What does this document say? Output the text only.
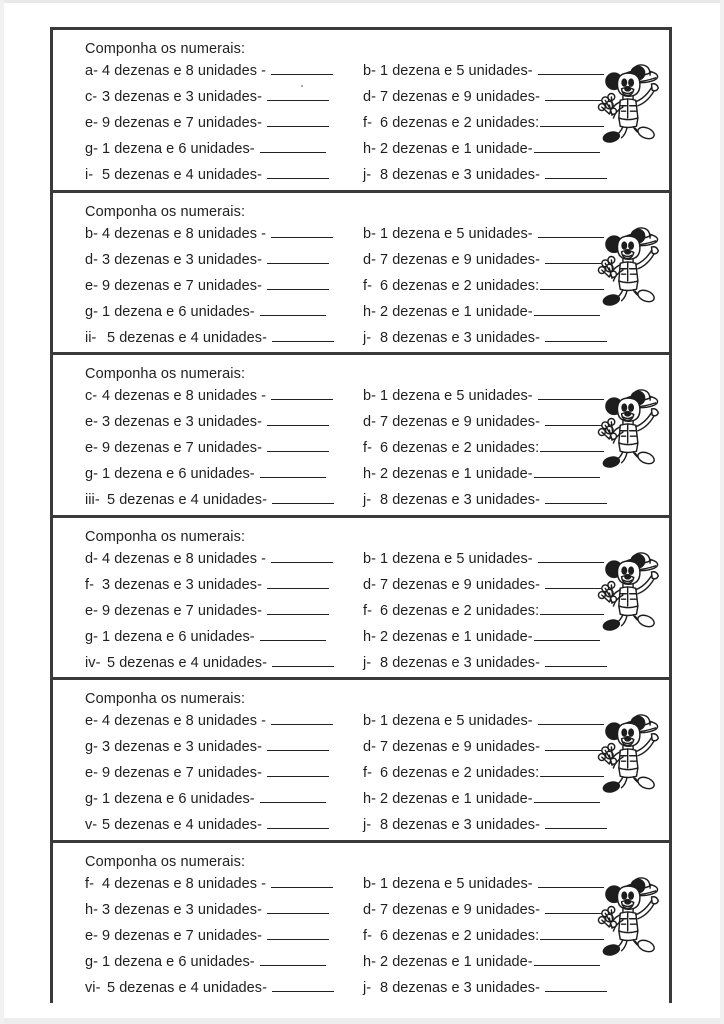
Componha os numerais:
a- 4 dezenas e 8 unidades -
c- 3 dezenas e 3 unidades-
e- 9 dezenas e 7 unidades-
g- 1 dezena e 6 unidades-
i- 5 dezenas e 4 unidades-
b- 1 dezena e 5 unidades-
d- 7 dezenas e 9 unidades-
f- 6 dezenas e 2 unidades:
h- 2 dezenas e 1 unidade-
j- 8 dezenas e 3 unidades-
Componha os numerais:
b- 4 dezenas e 8 unidades -
d- 3 dezenas e 3 unidades-
e- 9 dezenas e 7 unidades-
g- 1 dezena e 6 unidades-
ii- 5 dezenas e 4 unidades-
b- 1 dezena e 5 unidades-
d- 7 dezenas e 9 unidades-
f- 6 dezenas e 2 unidades:
h- 2 dezenas e 1 unidade-
j- 8 dezenas e 3 unidades-
Componha os numerais:
c- 4 dezenas e 8 unidades -
e- 3 dezenas e 3 unidades-
e- 9 dezenas e 7 unidades-
g- 1 dezena e 6 unidades-
iii- 5 dezenas e 4 unidades-
b- 1 dezena e 5 unidades-
d- 7 dezenas e 9 unidades-
f- 6 dezenas e 2 unidades:
h- 2 dezenas e 1 unidade-
j- 8 dezenas e 3 unidades-
Componha os numerais:
d- 4 dezenas e 8 unidades -
f- 3 dezenas e 3 unidades-
e- 9 dezenas e 7 unidades-
g- 1 dezena e 6 unidades-
iv- 5 dezenas e 4 unidades-
b- 1 dezena e 5 unidades-
d- 7 dezenas e 9 unidades-
f- 6 dezenas e 2 unidades:
h- 2 dezenas e 1 unidade-
j- 8 dezenas e 3 unidades-
Componha os numerais:
e- 4 dezenas e 8 unidades -
g- 3 dezenas e 3 unidades-
e- 9 dezenas e 7 unidades-
g- 1 dezena e 6 unidades-
v- 5 dezenas e 4 unidades-
b- 1 dezena e 5 unidades-
d- 7 dezenas e 9 unidades-
f- 6 dezenas e 2 unidades:
h- 2 dezenas e 1 unidade-
j- 8 dezenas e 3 unidades-
Componha os numerais:
f- 4 dezenas e 8 unidades -
h- 3 dezenas e 3 unidades-
e- 9 dezenas e 7 unidades-
g- 1 dezena e 6 unidades-
vi- 5 dezenas e 4 unidades-
b- 1 dezena e 5 unidades-
d- 7 dezenas e 9 unidades-
f- 6 dezenas e 2 unidades:
h- 2 dezenas e 1 unidade-
j- 8 dezenas e 3 unidades-
